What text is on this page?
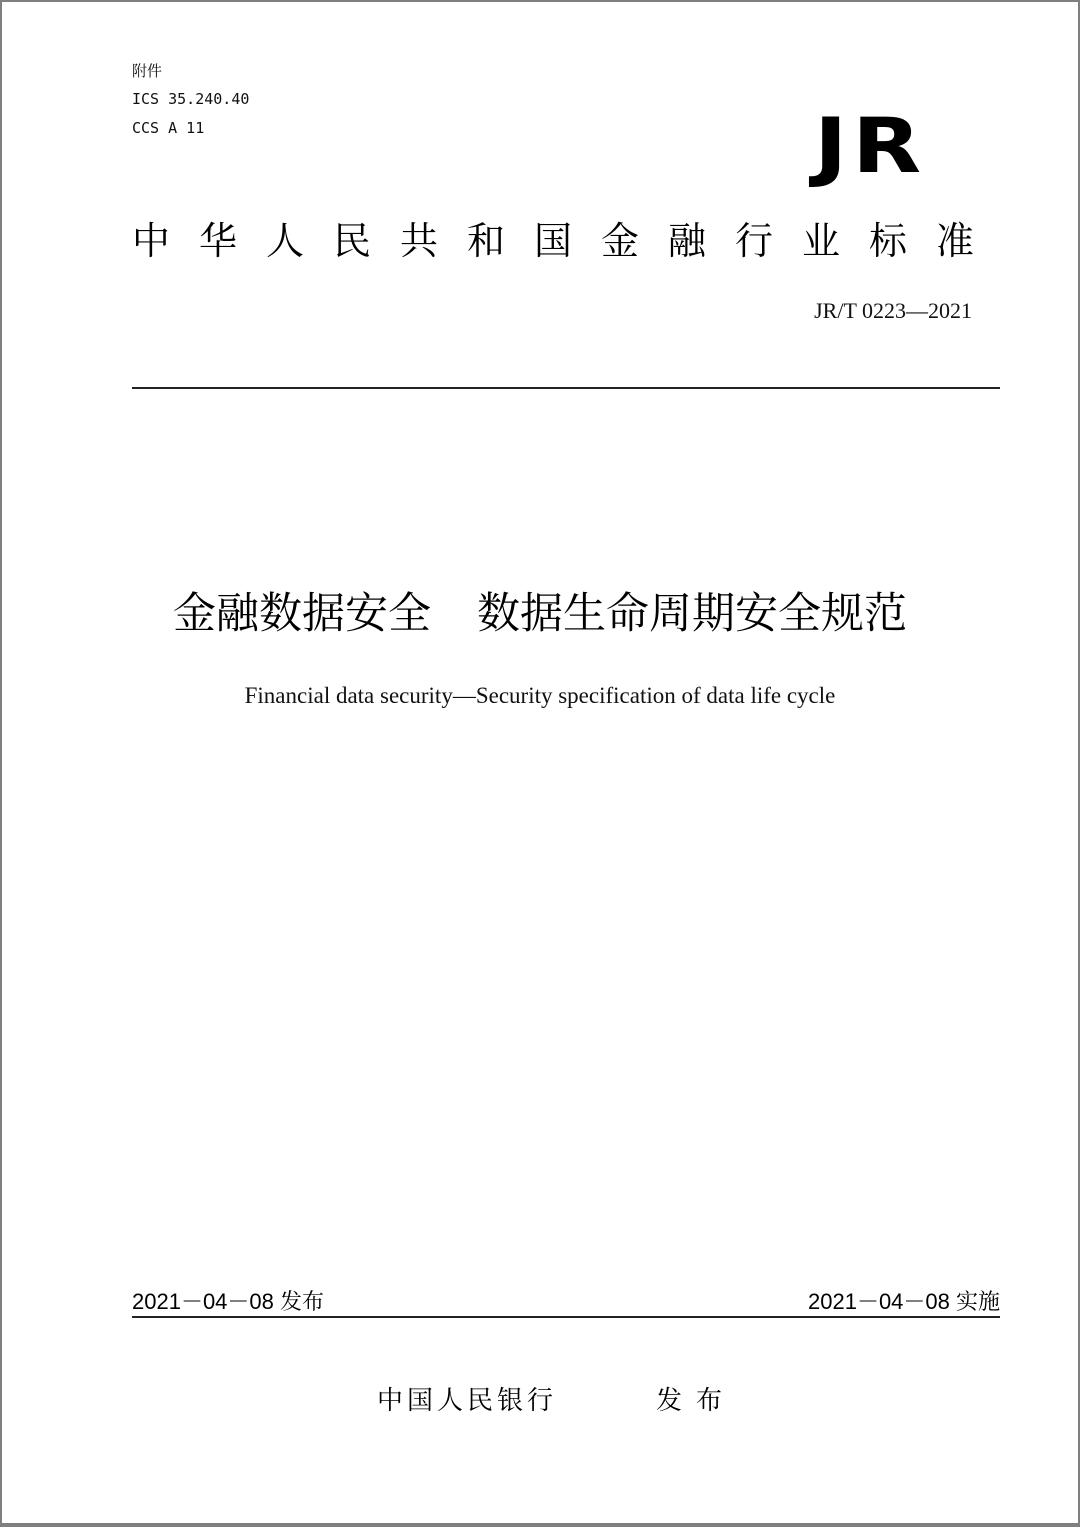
附件
ICS 35.240.40
CCS A 11	JR
中华人民共和国金融行业标准
JR/T 0223—2021
金融数据安全 数据生命周期安全规范
Financial data security—Security specification of data life cycle
2021－04－08 发布	2021－04－08 实施
中国人民银行	发布
